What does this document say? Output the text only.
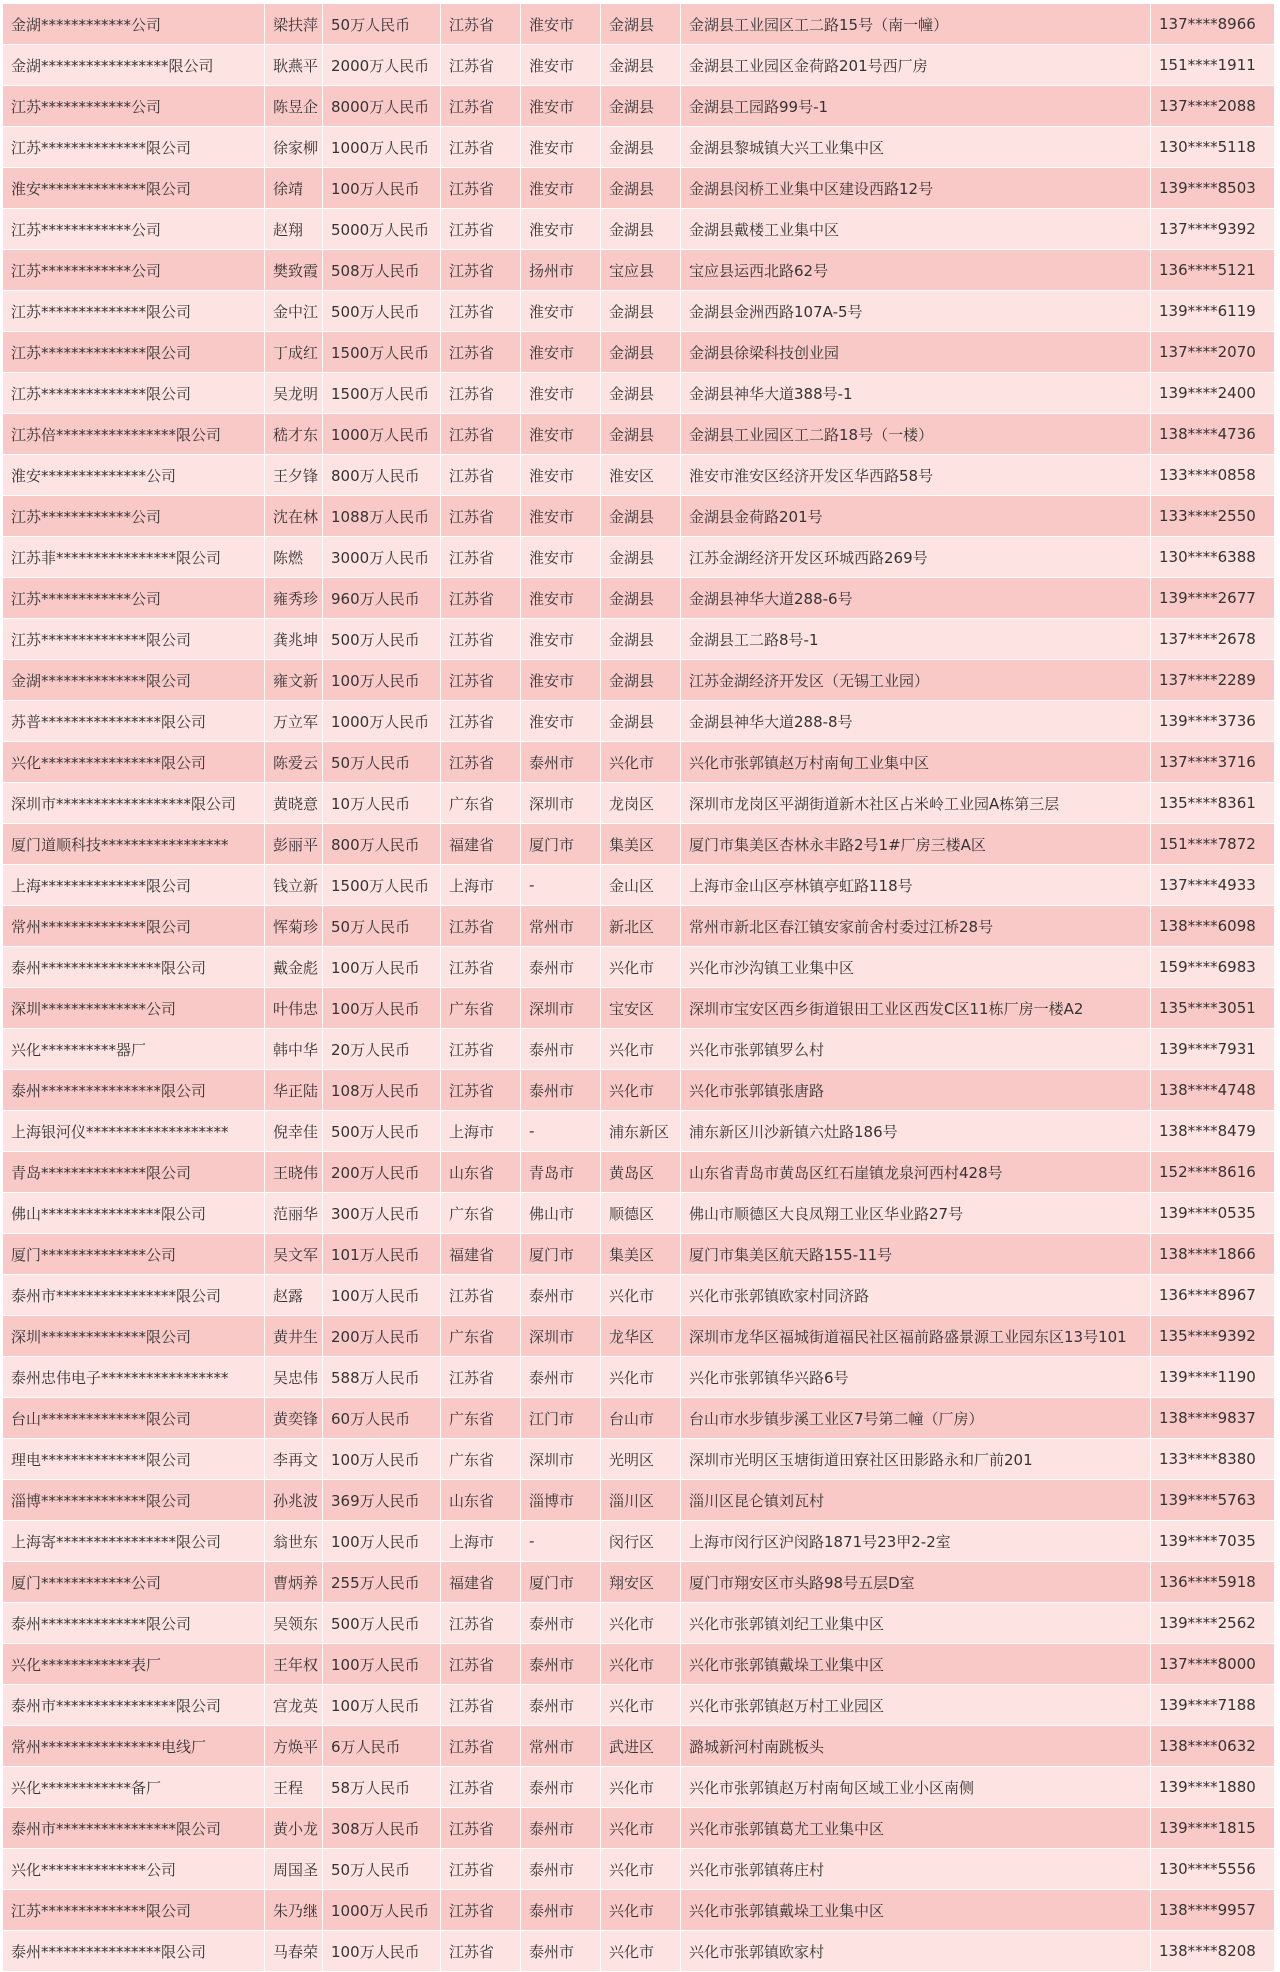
金湖************公司	梁扶萍	50万人民币	江苏省	淮安市	金湖县	金湖县工业园区工二路15号（南一幢）	137****8966
金湖*****************限公司	耿燕平	2000万人民币	江苏省	淮安市	金湖县	金湖县工业园区金荷路201号西厂房	151****1911
江苏************公司	陈昱企	8000万人民币	江苏省	淮安市	金湖县	金湖县工园路99号-1	137****2088
江苏**************限公司	徐家柳	1000万人民币	江苏省	淮安市	金湖县	金湖县黎城镇大兴工业集中区	130****5118
淮安**************限公司	徐靖	100万人民币	江苏省	淮安市	金湖县	金湖县闵桥工业集中区建设西路12号	139****8503
江苏************公司	赵翔	5000万人民币	江苏省	淮安市	金湖县	金湖县戴楼工业集中区	137****9392
江苏************公司	樊致霞	508万人民币	江苏省	扬州市	宝应县	宝应县运西北路62号	136****5121
江苏**************限公司	金中江	500万人民币	江苏省	淮安市	金湖县	金湖县金洲西路107A-5号	139****6119
江苏**************限公司	丁成红	1500万人民币	江苏省	淮安市	金湖县	金湖县徐梁科技创业园	137****2070
江苏**************限公司	吴龙明	1500万人民币	江苏省	淮安市	金湖县	金湖县神华大道388号-1	139****2400
江苏倍****************限公司	嵇才东	1000万人民币	江苏省	淮安市	金湖县	金湖县工业园区工二路18号（一楼）	138****4736
淮安**************公司	王夕锋	800万人民币	江苏省	淮安市	淮安区	淮安市淮安区经济开发区华西路58号	133****0858
江苏************公司	沈在林	1088万人民币	江苏省	淮安市	金湖县	金湖县金荷路201号	133****2550
江苏菲****************限公司	陈燃	3000万人民币	江苏省	淮安市	金湖县	江苏金湖经济开发区环城西路269号	130****6388
江苏************公司	雍秀珍	960万人民币	江苏省	淮安市	金湖县	金湖县神华大道288-6号	139****2677
江苏**************限公司	龚兆坤	500万人民币	江苏省	淮安市	金湖县	金湖县工二路8号-1	137****2678
金湖**************限公司	雍文新	100万人民币	江苏省	淮安市	金湖县	江苏金湖经济开发区（无锡工业园）	137****2289
苏普****************限公司	万立军	1000万人民币	江苏省	淮安市	金湖县	金湖县神华大道288-8号	139****3736
兴化****************限公司	陈爱云	50万人民币	江苏省	泰州市	兴化市	兴化市张郭镇赵万村南甸工业集中区	137****3716
深圳市******************限公司	黄晓意	10万人民币	广东省	深圳市	龙岗区	深圳市龙岗区平湖街道新木社区占米岭工业园A栋第三层	135****8361
厦门道顺科技*****************	彭丽平	800万人民币	福建省	厦门市	集美区	厦门市集美区杏林永丰路2号1#厂房三楼A区	151****7872
上海**************限公司	钱立新	1500万人民币	上海市	-	金山区	上海市金山区亭林镇亭虹路118号	137****4933
常州**************限公司	恽菊珍	50万人民币	江苏省	常州市	新北区	常州市新北区春江镇安家前舍村委过江桥28号	138****6098
泰州****************限公司	戴金彪	100万人民币	江苏省	泰州市	兴化市	兴化市沙沟镇工业集中区	159****6983
深圳**************公司	叶伟忠	100万人民币	广东省	深圳市	宝安区	深圳市宝安区西乡街道银田工业区西发C区11栋厂房一楼A2	135****3051
兴化**********器厂	韩中华	20万人民币	江苏省	泰州市	兴化市	兴化市张郭镇罗么村	139****7931
泰州****************限公司	华正陆	108万人民币	江苏省	泰州市	兴化市	兴化市张郭镇张唐路	138****4748
上海银河仪*******************	倪幸佳	500万人民币	上海市	-	浦东新区	浦东新区川沙新镇六灶路186号	138****8479
青岛**************限公司	王晓伟	200万人民币	山东省	青岛市	黄岛区	山东省青岛市黄岛区红石崖镇龙泉河西村428号	152****8616
佛山****************限公司	范丽华	300万人民币	广东省	佛山市	顺德区	佛山市顺德区大良凤翔工业区华业路27号	139****0535
厦门**************公司	吴文军	101万人民币	福建省	厦门市	集美区	厦门市集美区航天路155-11号	138****1866
泰州市****************限公司	赵露	100万人民币	江苏省	泰州市	兴化市	兴化市张郭镇欧家村同济路	136****8967
深圳**************限公司	黄井生	200万人民币	广东省	深圳市	龙华区	深圳市龙华区福城街道福民社区福前路盛景源工业园东区13号101	135****9392
泰州忠伟电子*****************	吴忠伟	588万人民币	江苏省	泰州市	兴化市	兴化市张郭镇华兴路6号	139****1190
台山**************限公司	黄奕锋	60万人民币	广东省	江门市	台山市	台山市水步镇步溪工业区7号第二幢（厂房）	138****9837
理电**************限公司	李再文	100万人民币	广东省	深圳市	光明区	深圳市光明区玉塘街道田寮社区田影路永和厂前201	133****8380
淄博**************限公司	孙兆波	369万人民币	山东省	淄博市	淄川区	淄川区昆仑镇刘瓦村	139****5763
上海寄****************限公司	翁世东	100万人民币	上海市	-	闵行区	上海市闵行区沪闵路1871号23甲2-2室	139****7035
厦门************公司	曹炳养	255万人民币	福建省	厦门市	翔安区	厦门市翔安区市头路98号五层D室	136****5918
泰州**************限公司	吴领东	500万人民币	江苏省	泰州市	兴化市	兴化市张郭镇刘纪工业集中区	139****2562
兴化************表厂	王年权	100万人民币	江苏省	泰州市	兴化市	兴化市张郭镇戴垛工业集中区	137****8000
泰州市****************限公司	宫龙英	100万人民币	江苏省	泰州市	兴化市	兴化市张郭镇赵万村工业园区	139****7188
常州****************电线厂	方焕平	6万人民币	江苏省	常州市	武进区	潞城新河村南跳板头	138****0632
兴化************备厂	王程	58万人民币	江苏省	泰州市	兴化市	兴化市张郭镇赵万村南甸区域工业小区南侧	139****1880
泰州市****************限公司	黄小龙	308万人民币	江苏省	泰州市	兴化市	兴化市张郭镇葛尤工业集中区	139****1815
兴化**************公司	周国圣	50万人民币	江苏省	泰州市	兴化市	兴化市张郭镇蒋庄村	130****5556
江苏**************限公司	朱乃继	1000万人民币	江苏省	泰州市	兴化市	兴化市张郭镇戴垛工业集中区	138****9957
泰州****************限公司	马春荣	100万人民币	江苏省	泰州市	兴化市	兴化市张郭镇欧家村	138****8208
